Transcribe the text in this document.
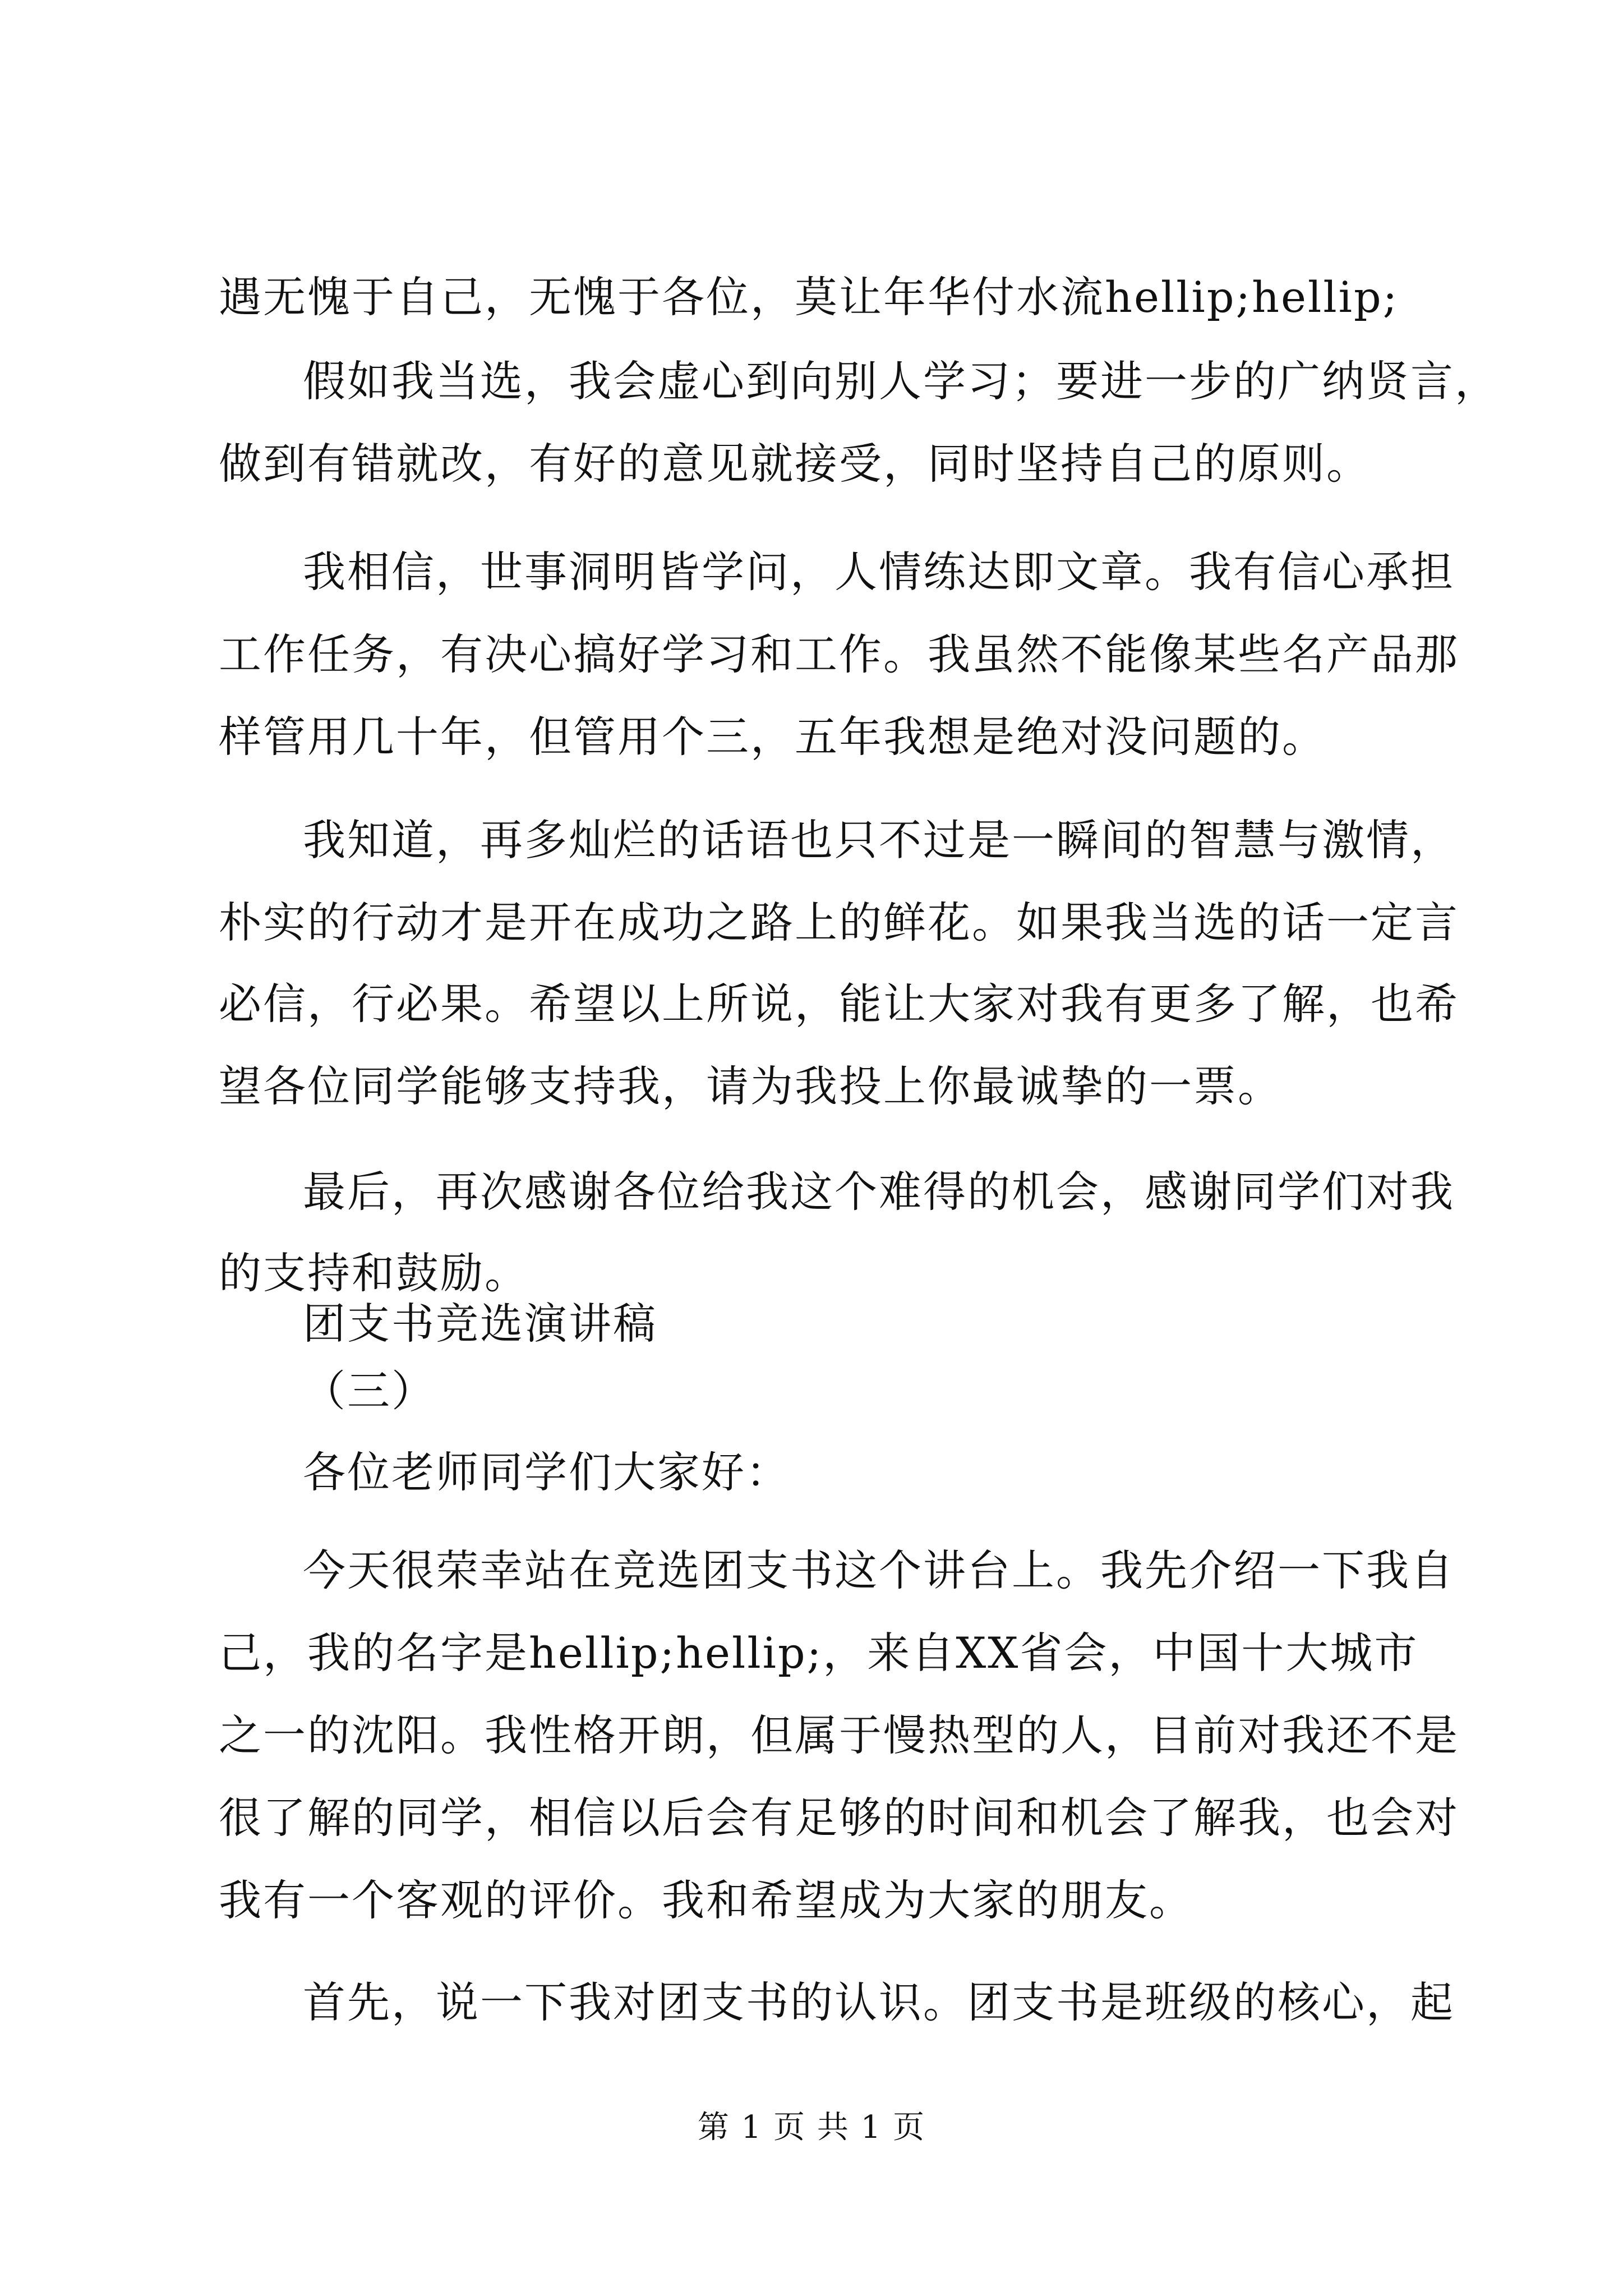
遇无愧于自己，无愧于各位，莫让年华付水流hellip;hellip;
假如我当选，我会虚心到向别人学习；要进一步的广纳贤言，
做到有错就改，有好的意见就接受，同时坚持自己的原则。
我相信，世事洞明皆学问，人情练达即文章。我有信心承担
工作任务，有决心搞好学习和工作。我虽然不能像某些名产品那
样管用几十年，但管用个三，五年我想是绝对没问题的。
我知道，再多灿烂的话语也只不过是一瞬间的智慧与激情，
朴实的行动才是开在成功之路上的鲜花。如果我当选的话一定言
必信，行必果。希望以上所说，能让大家对我有更多了解，也希
望各位同学能够支持我，请为我投上你最诚挚的一票。
最后，再次感谢各位给我这个难得的机会，感谢同学们对我
的支持和鼓励。
团支书竞选演讲稿
（三）
各位老师同学们大家好：
今天很荣幸站在竞选团支书这个讲台上。我先介绍一下我自
己，我的名字是hellip;hellip;，来自XX省会，中国十大城市
之一的沈阳。我性格开朗，但属于慢热型的人，目前对我还不是
很了解的同学，相信以后会有足够的时间和机会了解我，也会对
我有一个客观的评价。我和希望成为大家的朋友。
首先，说一下我对团支书的认识。团支书是班级的核心，起
第 1 页 共 1 页
